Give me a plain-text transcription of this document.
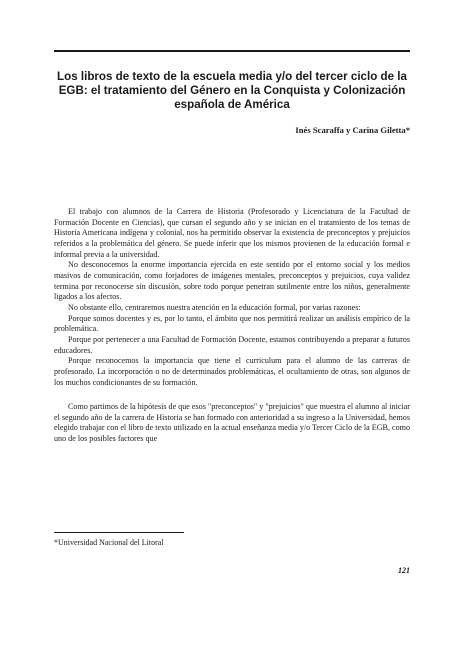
Los libros de texto de la escuela media y/o del tercer ciclo de la EGB: el tratamiento del Género en la Conquista y Colonización española de América

Inés Scaraffa y Carina Giletta*

El trabajo con alumnos de la Carrera de Historia (Profesorado y Licenciatura de la Facultad de Formación Docente en Ciencias), que cursan el segundo año y se inician en el tratamiento de los temas de Historia Americana indígena y colonial, nos ha permitido observar la existencia de preconceptos y prejuicios referidos a la problemática del género. Se puede inferir que los mismos provienen de la educación formal e informal previa a la universidad.

No desconocemos la enorme importancia ejercida en este sentido por el entorno social y los medios masivos de comunicación, como forjadores de imágenes mentales, preconceptos y prejuicios, cuya validez termina por reconocerse sin discusión, sobre todo porque penetran sutilmente entre los niños, generalmente ligados a los afectos.

No obstante ello, centraremos nuestra atención en la educación formal, por varias razones:

Porque somos docentes y es, por lo tanto, el ámbito que nos permitirá realizar un análisis empírico de la problemática.

Porque por pertenecer a una Facultad de Formación Docente, estamos contribuyendo a preparar a futuros educadores.

Porque reconocemos la importancia que tiene el curriculum para el alumno de las carreras de profesorado. La incorporación o no de determinados problemáticas, el ocultamiento de otras, son algunos de los muchos condicionantes de su formación.

Como partimos de la hipótesis de que esos "preconceptos" y "prejuicios" que muestra el alumno al iniciar el segundo año de la carrera de Historia se han formado con anterioridad a su ingreso a la Universidad, hemos elegido trabajar con el libro de texto utilizado en la actual enseñanza media y/o Tercer Ciclo de la EGB, como uno de los posibles factores que

*Universidad Nacional del Litoral

121
